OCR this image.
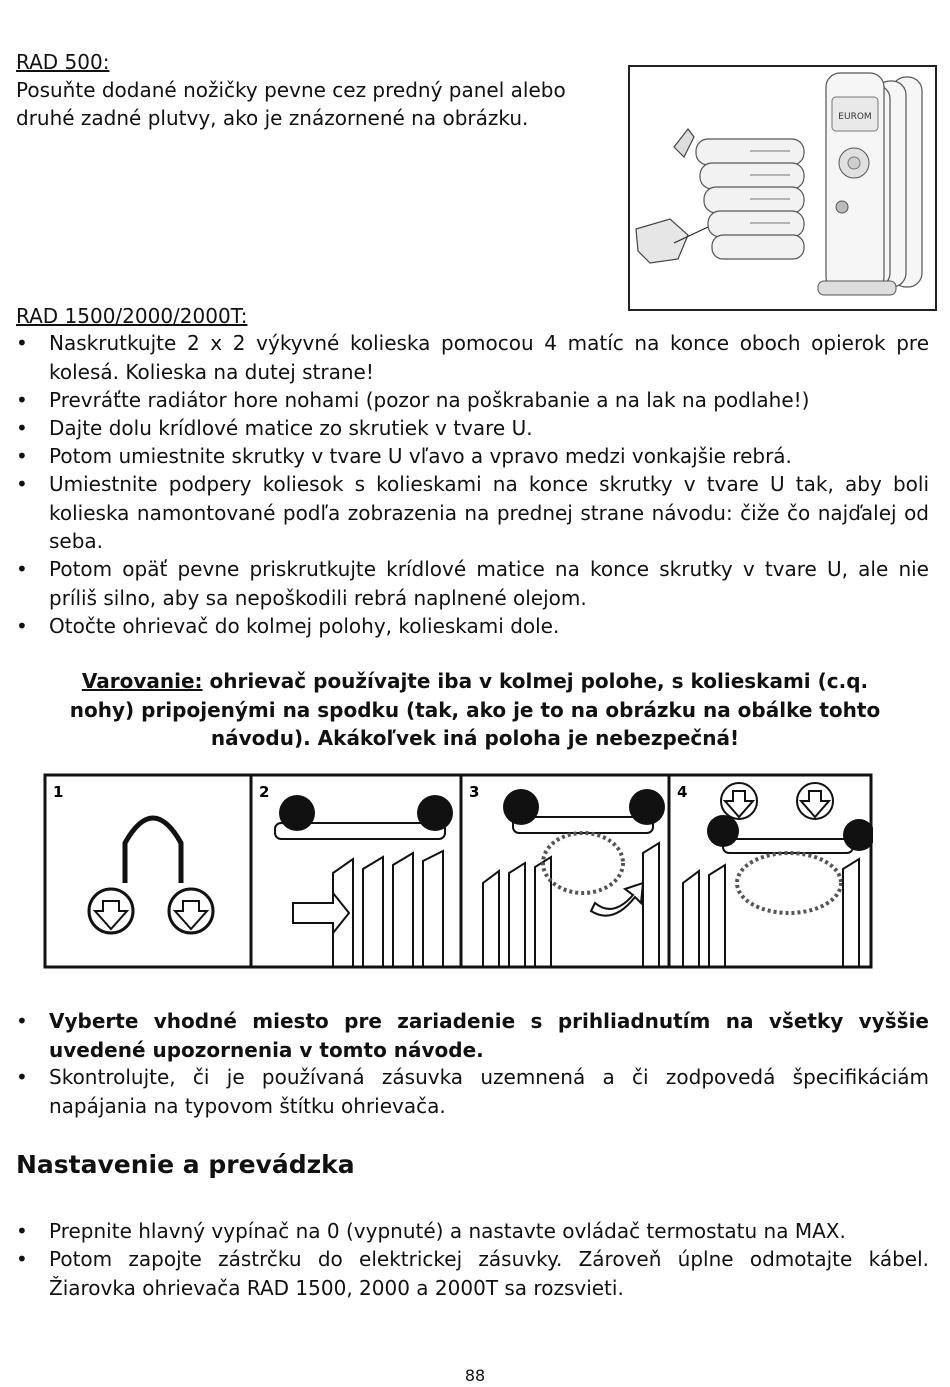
RAD 500:
Posuňte dodané nožičky pevne cez predný panel alebo
druhé zadné plutvy, ako je znázornené na obrázku.	EUROM
RAD 1500/2000/2000T:
• Naskrutkujte 2 x 2 výkyvné kolieska pomocou 4 matíc na konce oboch opierok pre kolesá. Kolieska na dutej strane!
• Prevráťte radiátor hore nohami (pozor na poškrabanie a na lak na podlahe!)
• Dajte dolu krídlové matice zo skrutiek v tvare U.
• Potom umiestnite skrutky v tvare U vľavo a vpravo medzi vonkajšie rebrá.
• Umiestnite podpery koliesok s kolieskami na konce skrutky v tvare U tak, aby boli kolieska namontované podľa zobrazenia na prednej strane návodu: čiže čo najďalej od seba.
• Potom opäť pevne priskrutkujte krídlové matice na konce skrutky v tvare U, ale nie príliš silno, aby sa nepoškodili rebrá naplnené olejom.
• Otočte ohrievač do kolmej polohy, kolieskami dole.
Varovanie: ohrievač používajte iba v kolmej polohe, s kolieskami (c.q.
nohy) pripojenými na spodku (tak, ako je to na obrázku na obálke tohto
návodu). Akákoľvek iná poloha je nebezpečná!
1	2	3	4
• Vyberte vhodné miesto pre zariadenie s prihliadnutím na všetky vyššie uvedené upozornenia v tomto návode.
• Skontrolujte, či je používaná zásuvka uzemnená a či zodpovedá špecifikáciám napájania na typovom štítku ohrievača.
Nastavenie a prevádzka
• Prepnite hlavný vypínač na 0 (vypnuté) a nastavte ovládač termostatu na MAX.
• Potom zapojte zástrčku do elektrickej zásuvky. Zároveň úplne odmotajte kábel. Žiarovka ohrievača RAD 1500, 2000 a 2000T sa rozsvieti.
88
